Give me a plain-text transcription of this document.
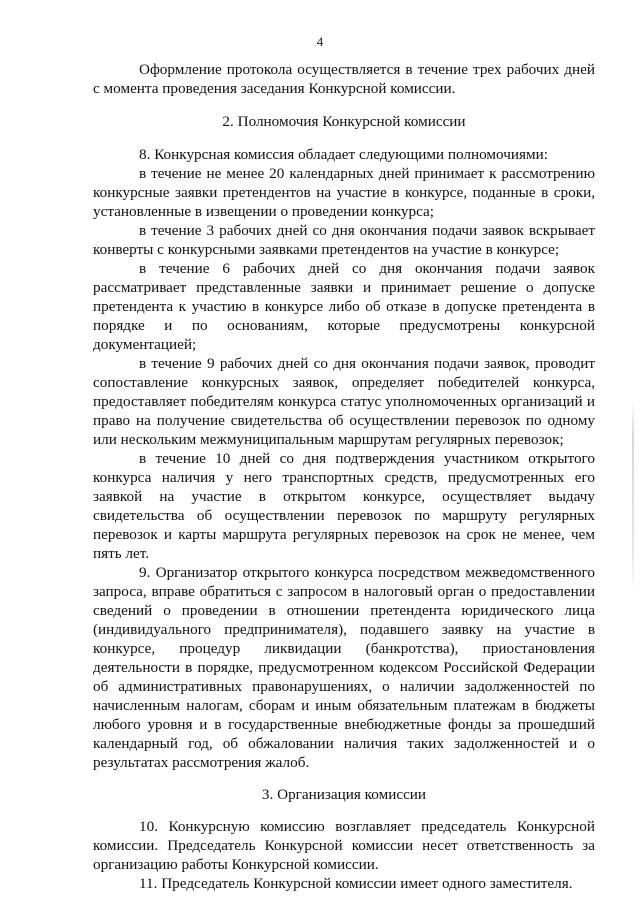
4

Оформление протокола осуществляется в течение трех рабочих дней с момента проведения заседания Конкурсной комиссии.

2. Полномочия Конкурсной комиссии

8. Конкурсная комиссия обладает следующими полномочиями:

в течение не менее 20 календарных дней принимает к рассмотрению конкурсные заявки претендентов на участие в конкурсе, поданные в сроки, установленные в извещении о проведении конкурса;

в течение 3 рабочих дней со дня окончания подачи заявок вскрывает конверты с конкурсными заявками претендентов на участие в конкурсе;

в течение 6 рабочих дней со дня окончания подачи заявок рассматривает представленные заявки и принимает решение о допуске претендента к участию в конкурсе либо об отказе в допуске претендента в порядке и по основаниям, которые предусмотрены конкурсной документацией;

в течение 9 рабочих дней со дня окончания подачи заявок, проводит сопоставление конкурсных заявок, определяет победителей конкурса, предоставляет победителям конкурса статус уполномоченных организаций и право на получение свидетельства об осуществлении перевозок по одному или нескольким межмуниципальным маршрутам регулярных перевозок;

в течение 10 дней со дня подтверждения участником открытого конкурса наличия у него транспортных средств, предусмотренных его заявкой на участие в открытом конкурсе, осуществляет выдачу свидетельства об осуществлении перевозок по маршруту регулярных перевозок и карты маршрута регулярных перевозок на срок не менее, чем пять лет.

9. Организатор открытого конкурса посредством межведомственного запроса, вправе обратиться с запросом в налоговый орган о предоставлении сведений о проведении в отношении претендента юридического лица (индивидуального предпринимателя), подавшего заявку на участие в конкурсе, процедур ликвидации (банкротства), приостановления деятельности в порядке, предусмотренном кодексом Российской Федерации об административных правонарушениях, о наличии задолженностей по начисленным налогам, сборам и иным обязательным платежам в бюджеты любого уровня и в государственные внебюджетные фонды за прошедший календарный год, об обжаловании наличия таких задолженностей и о результатах рассмотрения жалоб.

3. Организация комиссии

10. Конкурсную комиссию возглавляет председатель Конкурсной комиссии. Председатель Конкурсной комиссии несет ответственность за организацию работы Конкурсной комиссии.

11. Председатель Конкурсной комиссии имеет одного заместителя.
